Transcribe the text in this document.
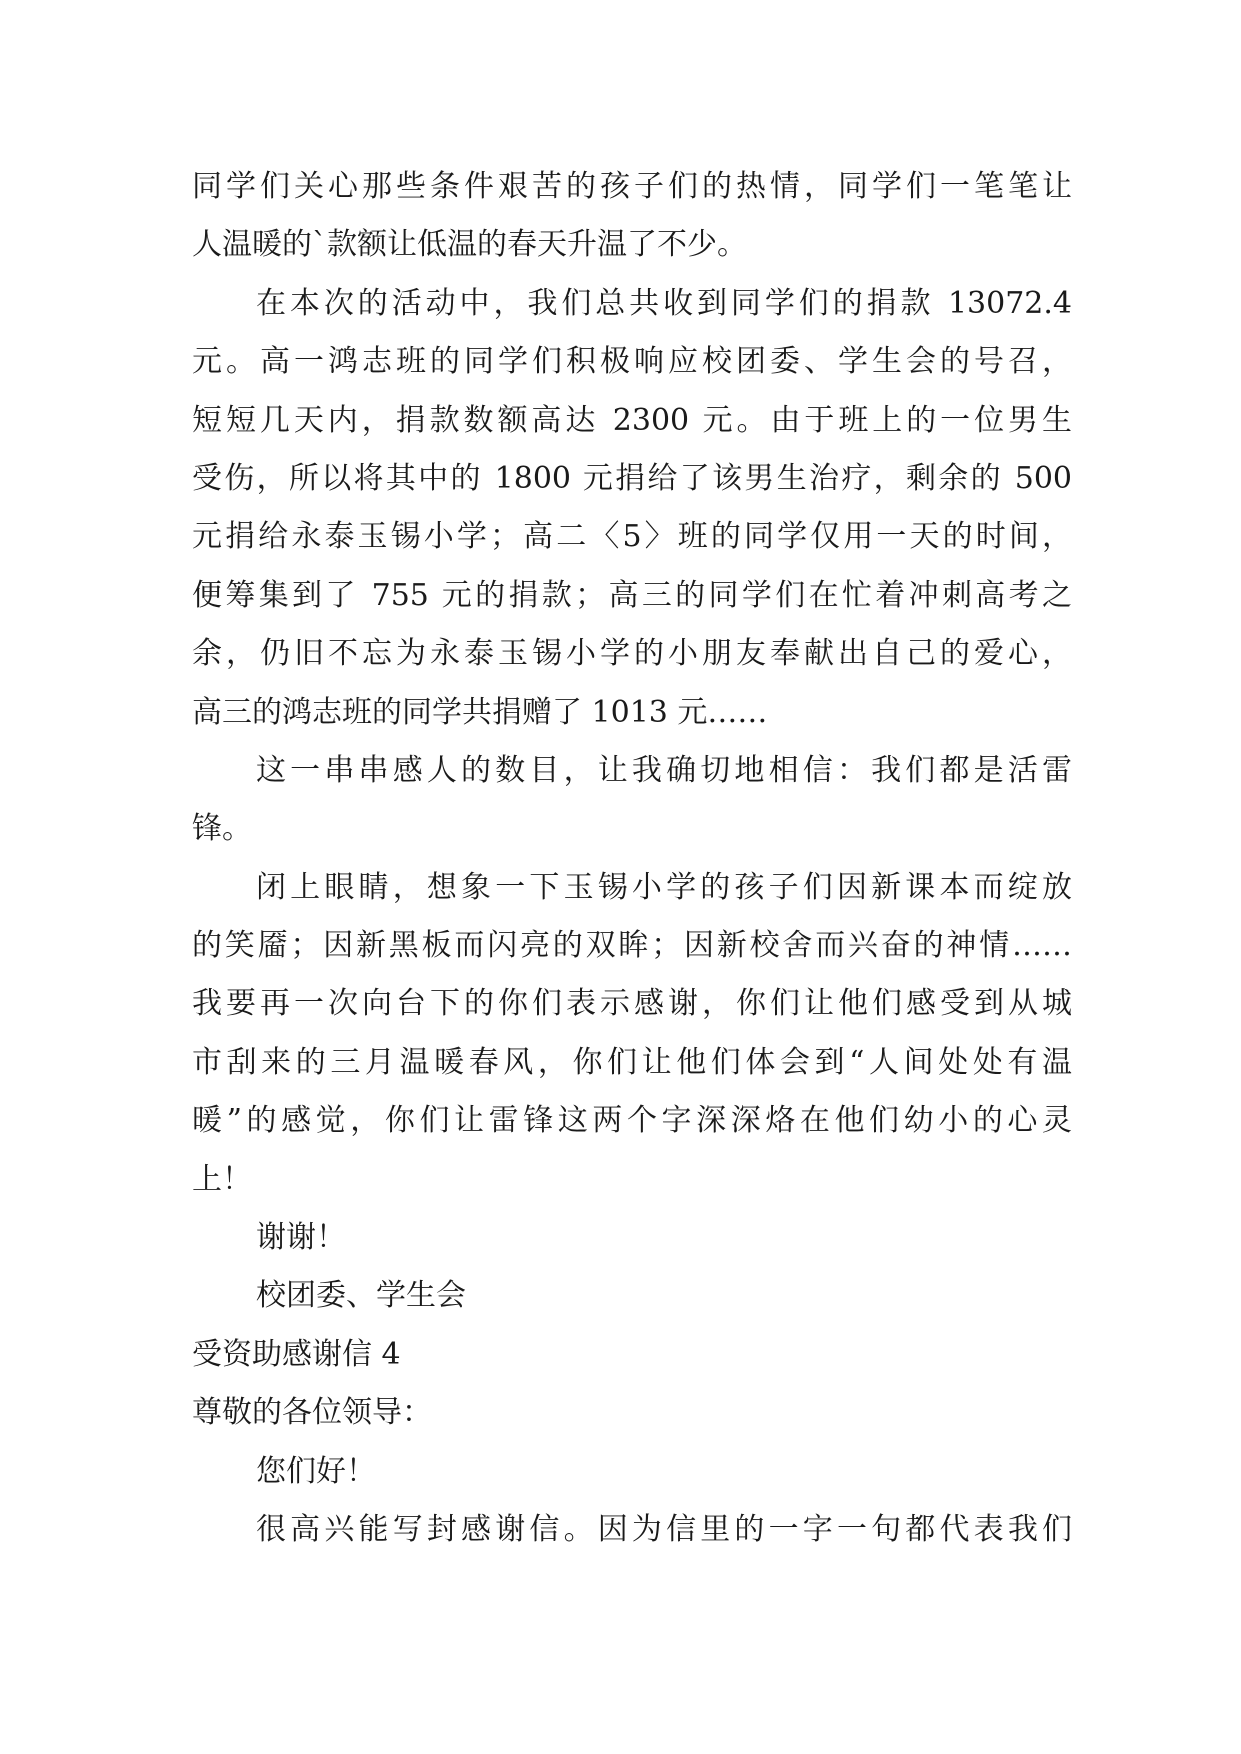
同学们关心那些条件艰苦的孩子们的热情，同学们一笔笔让
人温暖的`款额让低温的春天升温了不少。
在本次的活动中，我们总共收到同学们的捐款 13072.4
元。高一鸿志班的同学们积极响应校团委、学生会的号召，
短短几天内，捐款数额高达 2300 元。由于班上的一位男生
受伤，所以将其中的 1800 元捐给了该男生治疗，剩余的 500
元捐给永泰玉锡小学；高二〈5〉班的同学仅用一天的时间，
便筹集到了 755 元的捐款；高三的同学们在忙着冲刺高考之
余，仍旧不忘为永泰玉锡小学的小朋友奉献出自己的爱心，
高三的鸿志班的同学共捐赠了 1013 元……
这一串串感人的数目，让我确切地相信：我们都是活雷
锋。
闭上眼睛，想象一下玉锡小学的孩子们因新课本而绽放
的笑靥；因新黑板而闪亮的双眸；因新校舍而兴奋的神情……
我要再一次向台下的你们表示感谢，你们让他们感受到从城
市刮来的三月温暖春风，你们让他们体会到“人间处处有温
暖”的感觉，你们让雷锋这两个字深深烙在他们幼小的心灵
上！
谢谢！
校团委、学生会
受资助感谢信 4
尊敬的各位领导：
您们好！
很高兴能写封感谢信。因为信里的一字一句都代表我们
